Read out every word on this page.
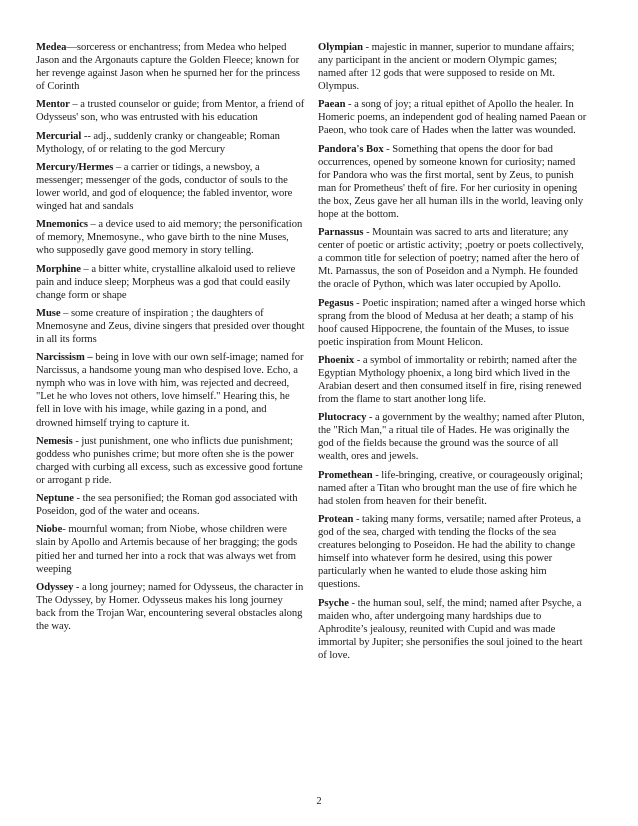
Medea—sorceress or enchantress; from Medea who helped Jason and the Argonauts capture the Golden Fleece; known for her revenge against Jason when he spurned her for the princess of Corinth

Mentor – a trusted counselor or guide; from Mentor, a friend of Odysseus' son, who was entrusted with his education

Mercurial -- adj., suddenly cranky or changeable; Roman Mythology, of or relating to the god Mercury

Mercury/Hermes – a carrier or tidings, a newsboy, a messenger; messenger of the gods, conductor of souls to the lower world, and god of eloquence; the fabled inventor, wore winged hat and sandals

Mnemonics – a device used to aid memory; the personification of memory, Mnemosyne., who gave birth to the nine Muses, who supposedly gave good memory in story telling.

Morphine – a bitter white, crystalline alkaloid used to relieve pain and induce sleep; Morpheus was a god that could easily change form or shape

Muse – some creature of inspiration ; the daughters of Mnemosyne and Zeus, divine singers that presided over thought in all its forms

Narcissism – being in love with our own self-image; named for Narcissus, a handsome young man who despised love. Echo, a nymph who was in love with him, was rejected and decreed, "Let he who loves not others, love himself." Hearing this, he fell in love with his image, while gazing in a pond, and drowned himself trying to capture it.

Nemesis - just punishment, one who inflicts due punishment; goddess who punishes crime; but more often she is the power charged with curbing all excess, such as excessive good fortune or arrogant p ride.

Neptune - the sea personified; the Roman god associated with Poseidon, god of the water and oceans.

Niobe- mournful woman; from Niobe, whose children were slain by Apollo and Artemis because of her bragging; the gods pitied her and turned her into a rock that was always wet from weeping

Odyssey - a long journey; named for Odysseus, the character in The Odyssey, by Homer. Odysseus makes his long journey back from the Trojan War, encountering several obstacles along the way.

Olympian - majestic in manner, superior to mundane affairs; any participant in the ancient or modern Olympic games; named after 12 gods that were supposed to reside on Mt. Olympus.

Paean - a song of joy; a ritual epithet of Apollo the healer. In Homeric poems, an independent god of healing named Paean or Paeon, who took care of Hades when the latter was wounded.

Pandora's Box - Something that opens the door for bad occurrences, opened by someone known for curiosity; named for Pandora who was the first mortal, sent by Zeus, to punish man for Prometheus' theft of fire. For her curiosity in opening the box, Zeus gave her all human ills in the world, leaving only hope at the bottom.

Parnassus - Mountain was sacred to arts and literature; any center of poetic or artistic activity; ,poetry or poets collectively, a common title for selection of poetry; named after the hero of Mt. Parnassus, the son of Poseidon and a Nymph. He founded the oracle of Python, which was later occupied by Apollo.

Pegasus - Poetic inspiration; named after a winged horse which sprang from the blood of Medusa at her death; a stamp of his hoof caused Hippocrene, the fountain of the Muses, to issue poetic inspiration from Mount Helicon.

Phoenix - a symbol of immortality or rebirth; named after the Egyptian Mythology phoenix, a long bird which lived in the Arabian desert and then consumed itself in fire, rising renewed from the flame to start another long life.

Plutocracy - a government by the wealthy; named after Pluton, the "Rich Man," a ritual tile of Hades. He was originally the god of the fields because the ground was the source of all wealth, ores and jewels.

Promethean - life-bringing, creative, or courageously original; named after a Titan who brought man the use of fire which he had stolen from heaven for their benefit.

Protean - taking many forms, versatile; named after Proteus, a god of the sea, charged with tending the flocks of the sea creatures belonging to Poseidon. He had the ability to change himself into whatever form he desired, using this power particularly when he wanted to elude those asking him questions.

Psyche - the human soul, self, the mind; named after Psyche, a maiden who, after undergoing many hardships due to Aphrodite’s jealousy, reunited with Cupid and was made immortal by Jupiter; she personifies the soul joined to the heart of love.

2
